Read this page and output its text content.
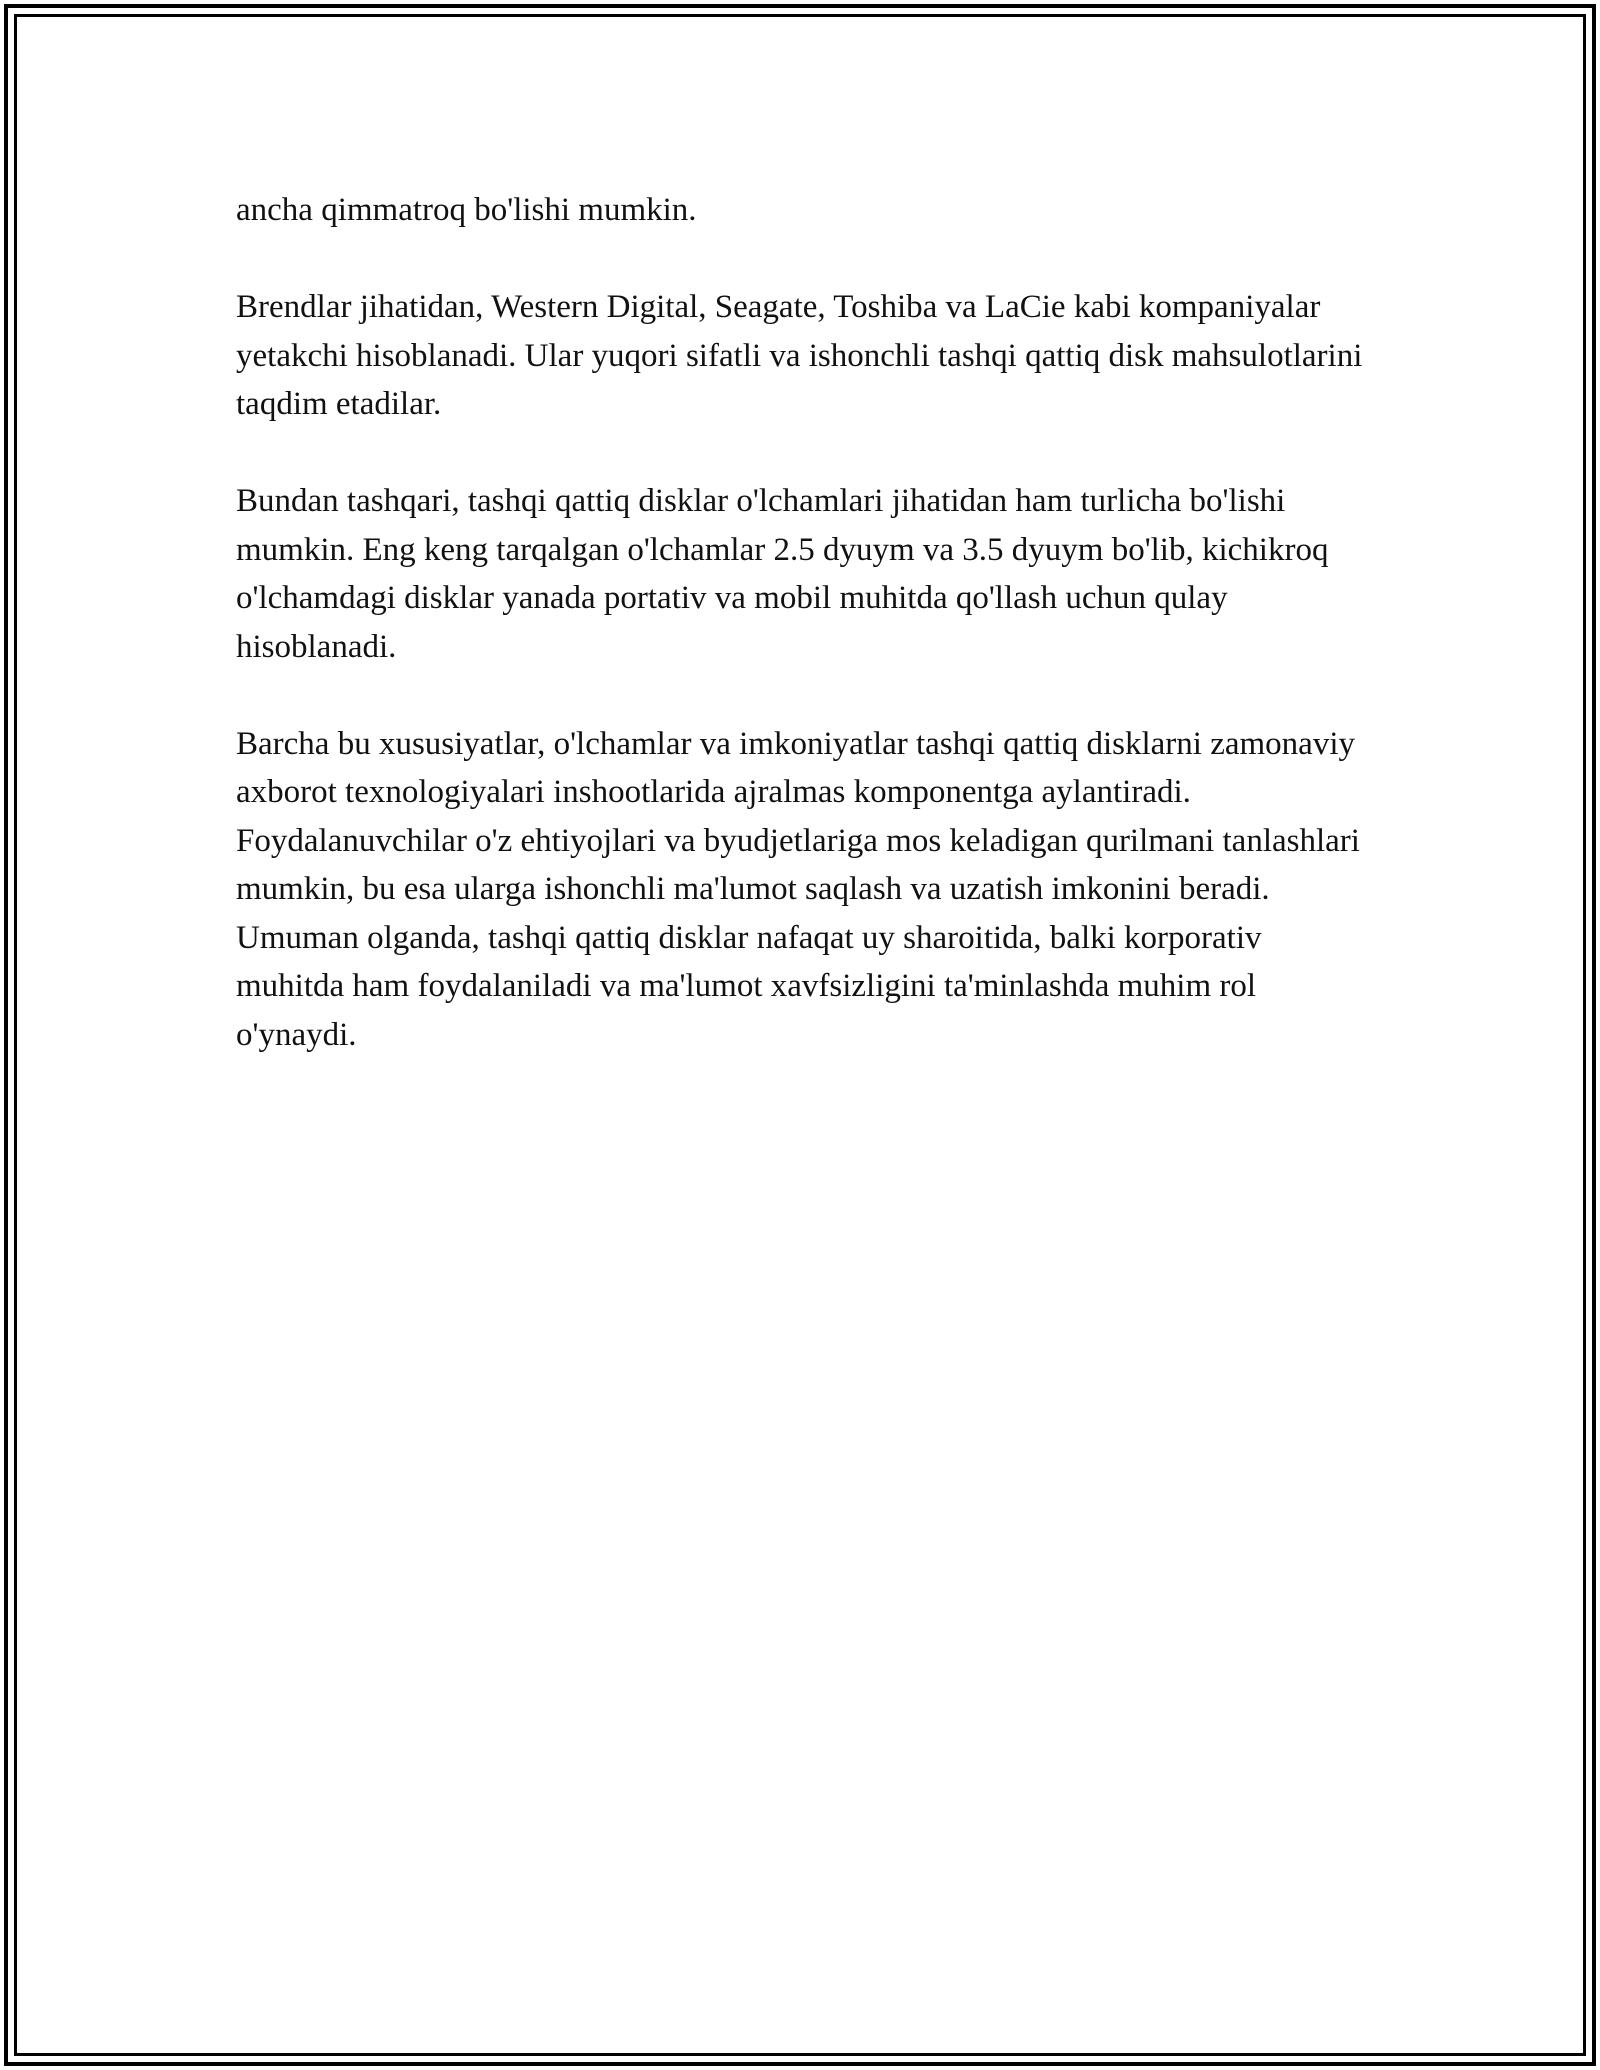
ancha qimmatroq bo'lishi mumkin.

Brendlar jihatidan, Western Digital, Seagate, Toshiba va LaCie kabi kompaniyalar yetakchi hisoblanadi. Ular yuqori sifatli va ishonchli tashqi qattiq disk mahsulotlarini taqdim etadilar.

Bundan tashqari, tashqi qattiq disklar o'lchamlari jihatidan ham turlicha bo'lishi mumkin. Eng keng tarqalgan o'lchamlar 2.5 dyuym va 3.5 dyuym bo'lib, kichikroq o'lchamdagi disklar yanada portativ va mobil muhitda qo'llash uchun qulay hisoblanadi.

Barcha bu xususiyatlar, o'lchamlar va imkoniyatlar tashqi qattiq disklarni zamonaviy axborot texnologiyalari inshootlarida ajralmas komponentga aylantiradi. Foydalanuvchilar o'z ehtiyojlari va byudjetlariga mos keladigan qurilmani tanlashlari mumkin, bu esa ularga ishonchli ma'lumot saqlash va uzatish imkonini beradi. Umuman olganda, tashqi qattiq disklar nafaqat uy sharoitida, balki korporativ muhitda ham foydalaniladi va ma'lumot xavfsizligini ta'minlashda muhim rol o'ynaydi.
